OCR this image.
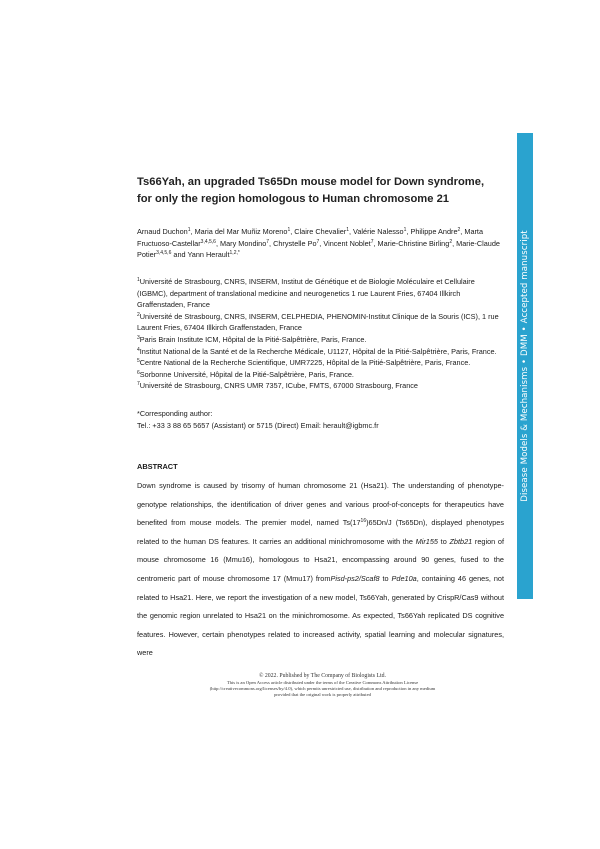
Disease Models & Mechanisms • DMM • Accepted manuscript
Ts66Yah, an upgraded Ts65Dn mouse model for Down syndrome, for only the region homologous to Human chromosome 21
Arnaud Duchon$^1$, Maria del Mar Muñiz Moreno$^1$, Claire Chevalier$^1$, Valérie Nalesso$^1$, Philippe Andre$^2$, Marta Fructuoso-Castellar$^{3,4,5,6}$, Mary Mondino$^7$, Chrystelle Po$^7$, Vincent Noblet$^7$, Marie-Christine Birling$^2$, Marie-Claude Potier$^{3,4,5,6}$ and Yann Herault$^{1,2,*}$

$^1$Université de Strasbourg, CNRS, INSERM, Institut de Génétique et de Biologie Moléculaire et Cellulaire (IGBMC), department of translational medicine and neurogenetics 1 rue Laurent Fries, 67404 Illkirch Graffenstaden, France

$^2$Université de Strasbourg, CNRS, INSERM, CELPHEDIA, PHENOMIN-Institut Clinique de la Souris (ICS), 1 rue Laurent Fries, 67404 Illkirch Graffenstaden, France

$^3$Paris Brain Institute ICM, Hôpital de la Pitié-Salpêtrière, Paris, France.

$^4$Institut National de la Santé et de la Recherche Médicale, U1127, Hôpital de la Pitié-Salpêtrière, Paris, France.

$^5$Centre National de la Recherche Scientifique, UMR7225, Hôpital de la Pitié-Salpêtrière, Paris, France.

$^6$Sorbonne Université, Hôpital de la Pitié-Salpêtrière, Paris, France.

$^7$Université de Strasbourg, CNRS UMR 7357, ICube, FMTS, 67000 Strasbourg, France

*Corresponding author:

Tel.: +33 3 88 65 5657 (Assistant) or 5715 (Direct) Email: herault@igbmc.fr

ABSTRACT

Down syndrome is caused by trisomy of human chromosome 21 (Hsa21). The understanding of phenotype-genotype relationships, the identification of driver genes and various proof-of-concepts for therapeutics have benefited from mouse models. The premier model, named $Ts(17^{16})65Dn/J$ (Ts65Dn), displayed phenotypes related to the human DS features. It carries an additional minichromosome with the Mir155 to Zbtb21 region of mouse chromosome 16 (Mmu16), homologous to Hsa21, encompassing around 90 genes, fused to the centromeric part of mouse chromosome 17 (Mmu17) fromPisd-ps2/Scaf8 to Pde10a, containing 46 genes, not related to Hsa21. Here, we report the investigation of a new model, Ts66Yah, generated by CrispR/Cas9 without the genomic region unrelated to Hsa21 on the minichromosome. As expected, Ts66Yah replicated DS cognitive features. However, certain phenotypes related to increased activity, spatial learning and molecular signatures, were

© 2022. Published by The Company of Biologists Ltd.

This is an Open Access article distributed under the terms of the Creative Commons Attribution License

(http://creativecommons.org/licenses/by/4.0), which permits unrestricted use, distribution and reproduction in any medium

provided that the original work is properly attributed
